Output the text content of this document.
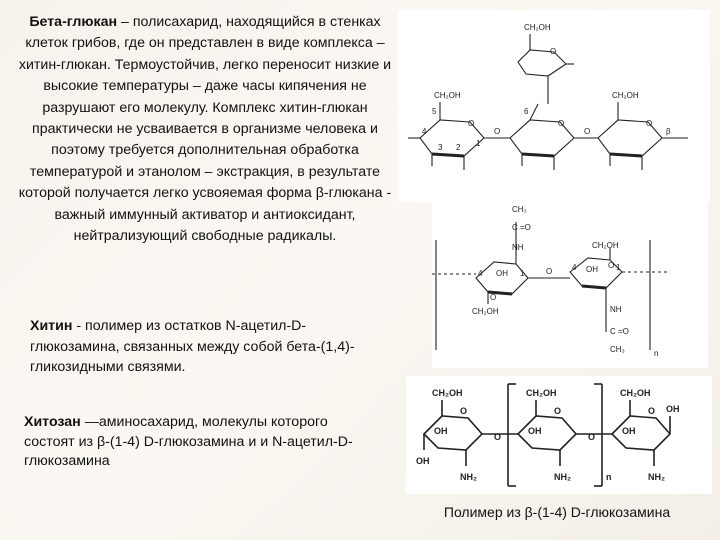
Бета-глюкан – полисахарид, находящийся в стенках клеток грибов, где он представлен в виде комплекса – хитин-глюкан. Термоустойчив, легко переносит низкие и высокие температуры – даже часы кипячения не разрушают его молекулу. Комплекс хитин-глюкан практически не усваивается в организме человека и поэтому требуется дополнительная обработка температурой и этанолом – экстракция, в результате которой получается легко усвояемая форма β-глюкана - важный иммунный активатор и антиоксидант, нейтрализующий свободные радикалы.
Хитин - полимер из остатков N-ацетил-D-глюкозамина, связанных между собой бета-(1,4)-гликозидными связями.
Хитозан —аминосахарид, молекулы которого состоят из β-(1-4) D-глюкозамина и и N-ацетил-D-глюкозамина
CH₂OH
O
CH₂OH	CH₂OH
O	O	O
O	O	β
4
1
3 2
5	6
CH₃
C =O
NH	CH₂OH
O
OH
4	1	O	OH
4	1
O
CH₂OH	NH
C =O
CH₃	n
CH₂OH	CH₂OH	CH₂OH
O	O	O OH
OH	OH	OH
O	O
OH
NH₂	NH₂	NH₂
n
Полимер из β-(1-4) D-глюкозамина
